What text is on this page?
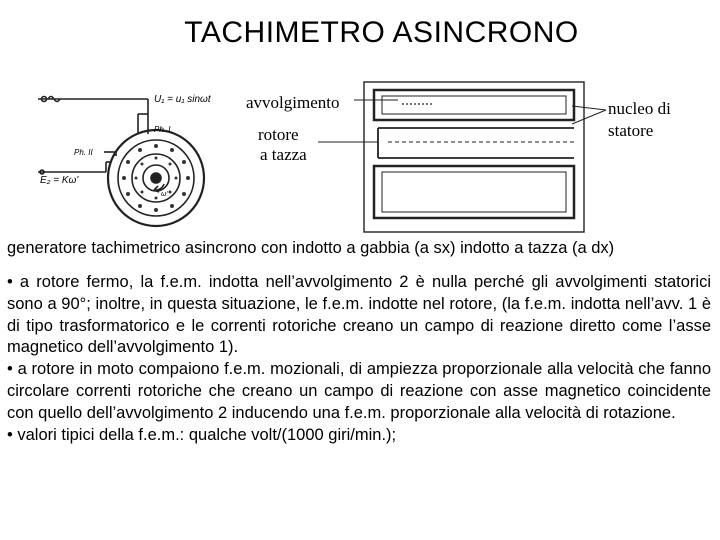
TACHIMETRO ASINCRONO
U₁ = u₁ sinωt
Ph. I
Ph. II
E₂ = Kω'
ω'
avvolgimento
rotore
a tazza
nucleo di
statore
generatore tachimetrico asincrono con indotto a gabbia (a sx) indotto a tazza (a dx)

• a rotore fermo, la f.e.m. indotta nell’avvolgimento 2 è nulla perché gli avvolgimenti statorici sono a 90°; inoltre, in questa situazione, le f.e.m. indotte nel rotore, (la f.e.m. indotta nell’avv. 1 è di tipo trasformatorico e le correnti rotoriche creano un campo di reazione diretto come l’asse magnetico dell’avvolgimento 1).

• a rotore in moto compaiono f.e.m. mozionali, di ampiezza proporzionale alla velocità che fanno circolare correnti rotoriche che creano un campo di reazione con asse magnetico coincidente con quello dell’avvolgimento 2 inducendo una f.e.m. proporzionale alla velocità di rotazione.

• valori tipici della f.e.m.: qualche volt/(1000 giri/min.);
